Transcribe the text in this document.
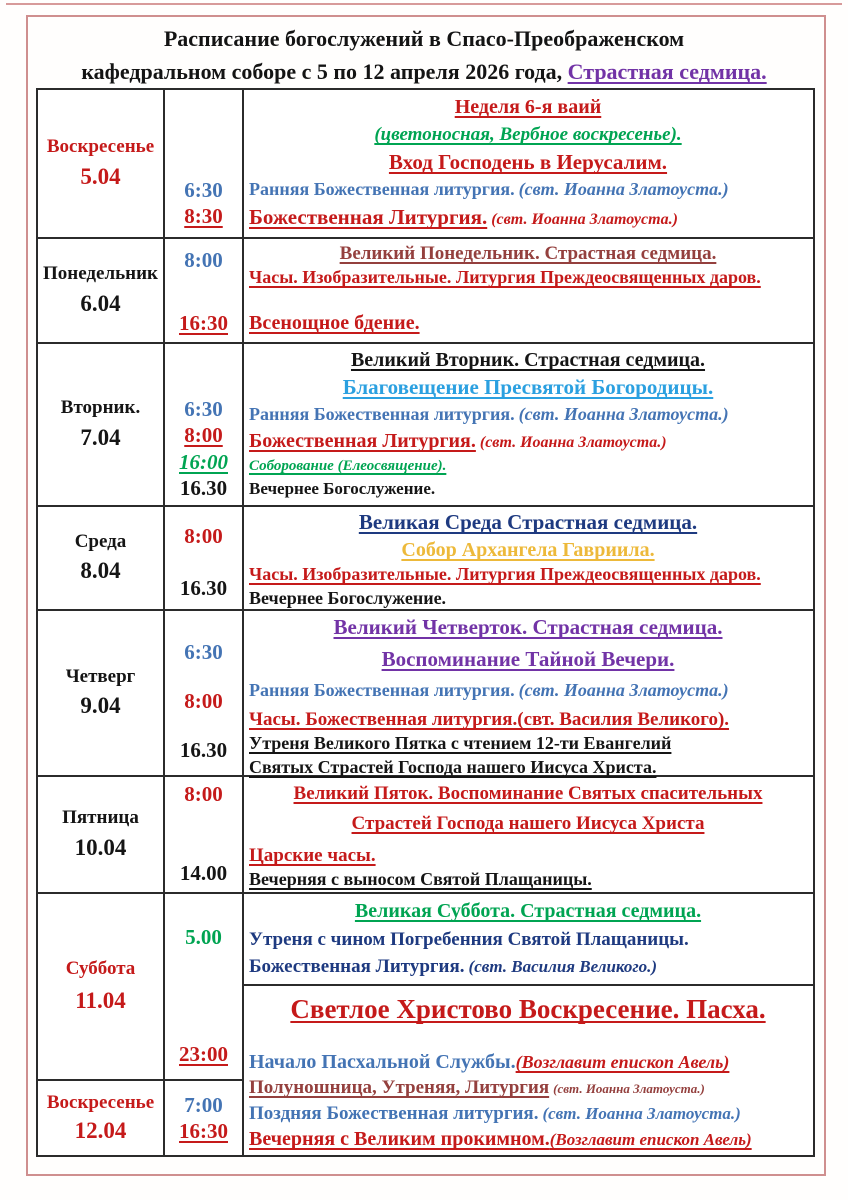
Расписание богослужений в Спасо-Преображенском
кафедральном соборе с 5 по 12 апреля 2026 года, Страстная седмица.
Воскресенье
5.04
6:30
8:30
Неделя 6-я ваий
(цветоносная, Вербное воскресенье).
Вход Господень в Иерусалим.
Ранняя Божественная литургия. (свт. Иоанна Златоуста.)
Божественная Литургия. (свт. Иоанна Златоуста.)
Понедельник
6.04
8:00
16:30
Великий Понедельник. Страстная седмица.
Часы. Изобразительные. Литургия Преждеосвященных даров.
Всенощное бдение.
Вторник.
7.04
6:30
8:00
16:00
16.30
Великий Вторник. Страстная седмица.
Благовещение Пресвятой Богородицы.
Ранняя Божественная литургия. (свт. Иоанна Златоуста.)
Божественная Литургия. (свт. Иоанна Златоуста.)
Соборование (Елеосвящение).
Вечернее Богослужение.
Среда
8.04
8:00
16.30
Великая Среда Страстная седмица.
Собор Архангела Гавриила.
Часы. Изобразительные. Литургия Преждеосвященных даров.
Вечернее Богослужение.
Четверг
9.04
6:30
8:00
16.30
Великий Четверток. Страстная седмица.
Воспоминание Тайной Вечери.
Ранняя Божественная литургия. (свт. Иоанна Златоуста.)
Часы. Божественная литургия.(свт. Василия Великого).
Утреня Великого Пятка с чтением 12-ти Евангелий
Святых Страстей Господа нашего Иисуса Христа.
Пятница
10.04
8:00
14.00
Великий Пяток. Воспоминание Святых спасительных
Страстей Господа нашего Иисуса Христа
Царские часы.
Вечерняя с выносом Святой Плащаницы.
Суббота
11.04
Воскресенье
12.04
5.00
23:00
7:00
16:30
Великая Суббота. Страстная седмица.
Утреня с чином Погребенния Святой Плащаницы.
Божественная Литургия. (свт. Василия Великого.)
Светлое Христово Воскресение. Пасха.
Начало Пасхальной Службы.(Возглавит епископ Авель)
Полуношница, Утреняя, Литургия (свт. Иоанна Златоуста.)
Поздняя Божественная литургия. (свт. Иоанна Златоуста.)
Вечерняя с Великим прокимном.(Возглавит епископ Авель)
